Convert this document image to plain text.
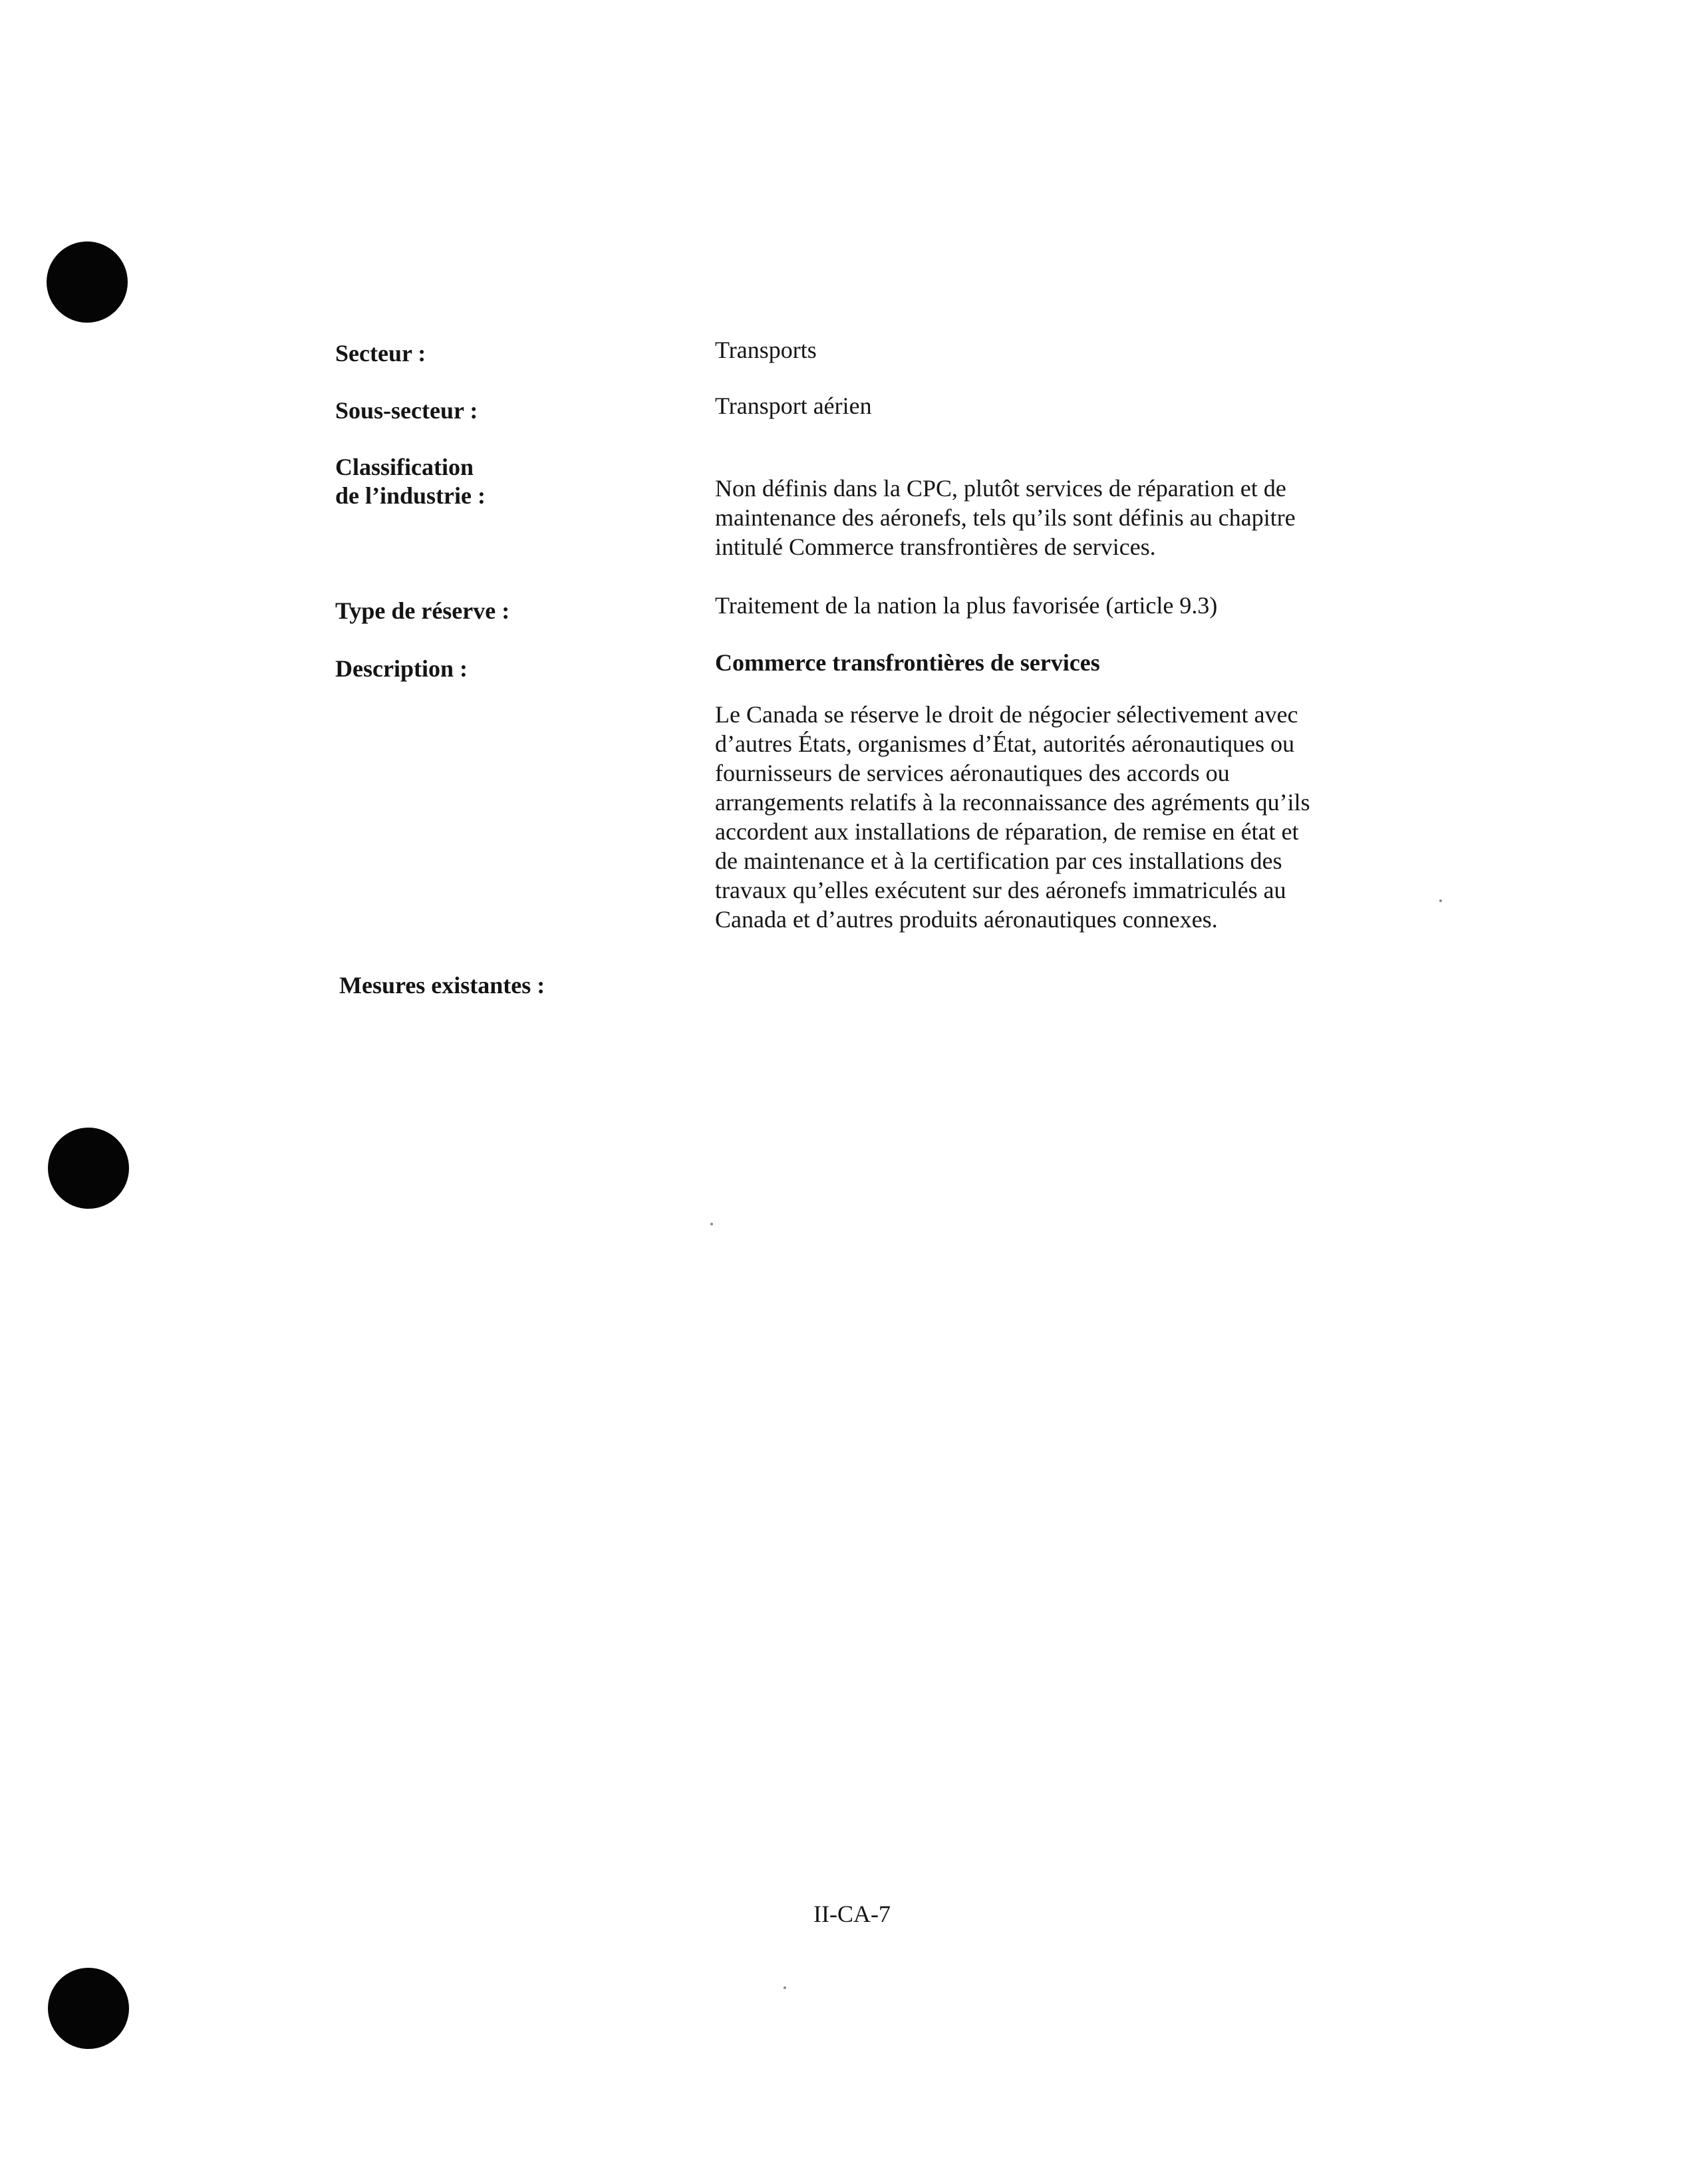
Secteur :	Transports
Sous-secteur :	Transport aérien
Classification
de l’industrie :	Non définis dans la CPC, plutôt services de réparation et de
maintenance des aéronefs, tels qu’ils sont définis au chapitre
intitulé Commerce transfrontières de services.
Type de réserve :	Traitement de la nation la plus favorisée (article 9.3)
Description :	Commerce transfrontières de services
Le Canada se réserve le droit de négocier sélectivement avec
d’autres États, organismes d’État, autorités aéronautiques ou
fournisseurs de services aéronautiques des accords ou
arrangements relatifs à la reconnaissance des agréments qu’ils
accordent aux installations de réparation, de remise en état et
de maintenance et à la certification par ces installations des
travaux qu’elles exécutent sur des aéronefs immatriculés au
Canada et d’autres produits aéronautiques connexes.
Mesures existantes :
II-CA-7
